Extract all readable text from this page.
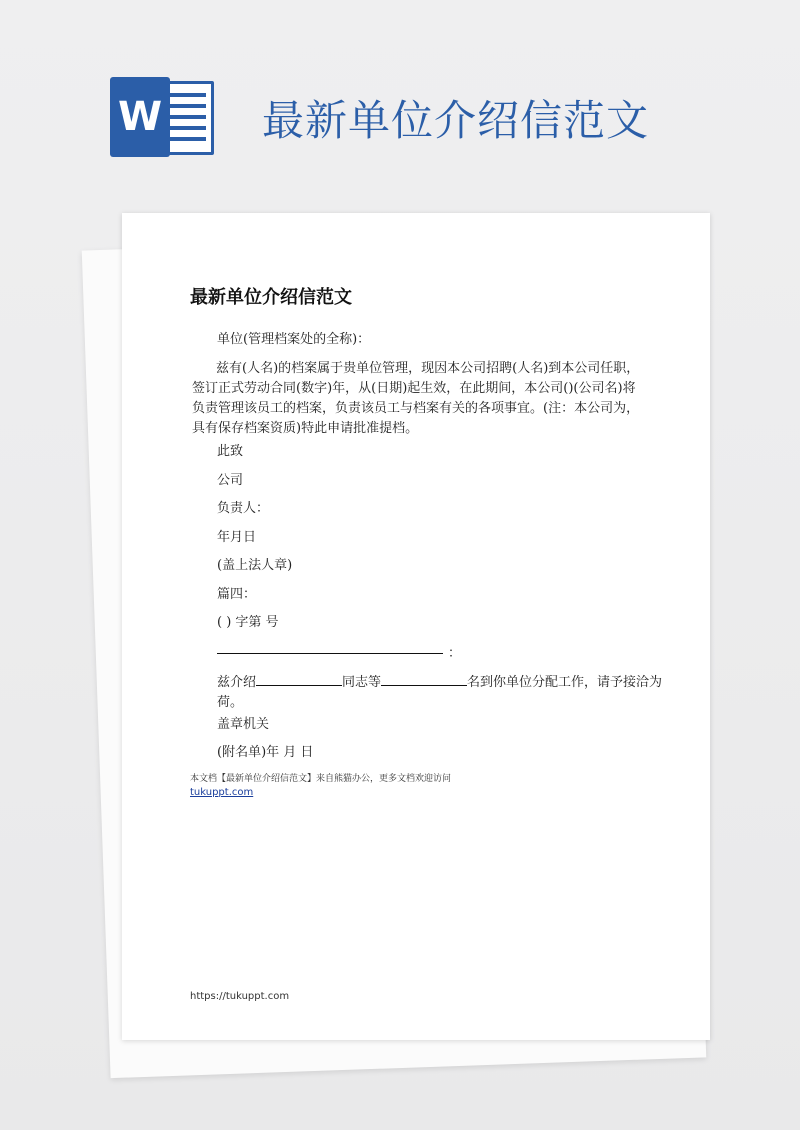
W 最新单位介绍信范文
最新单位介绍信范文
单位(管理档案处的全称)：
兹有(人名)的档案属于贵单位管理，现因本公司招聘(人名)到本公司任职，签订正式劳动合同(数字)年，从(日期)起生效，在此期间，本公司()(公司名)将负责管理该员工的档案，负责该员工与档案有关的各项事宜。(注：本公司为，具有保存档案资质)特此申请批准提档。
此致
公司
负责人：
年月日
(盖上法人章)
篇四：
( ) 字第 号
：
兹介绍	同志等	名到你单位分配工作，请予接洽为荷。
盖章机关
(附名单)年 月 日
本文档【最新单位介绍信范文】来自熊猫办公，更多文档欢迎访问
tukuppt.com
https://tukuppt.com
